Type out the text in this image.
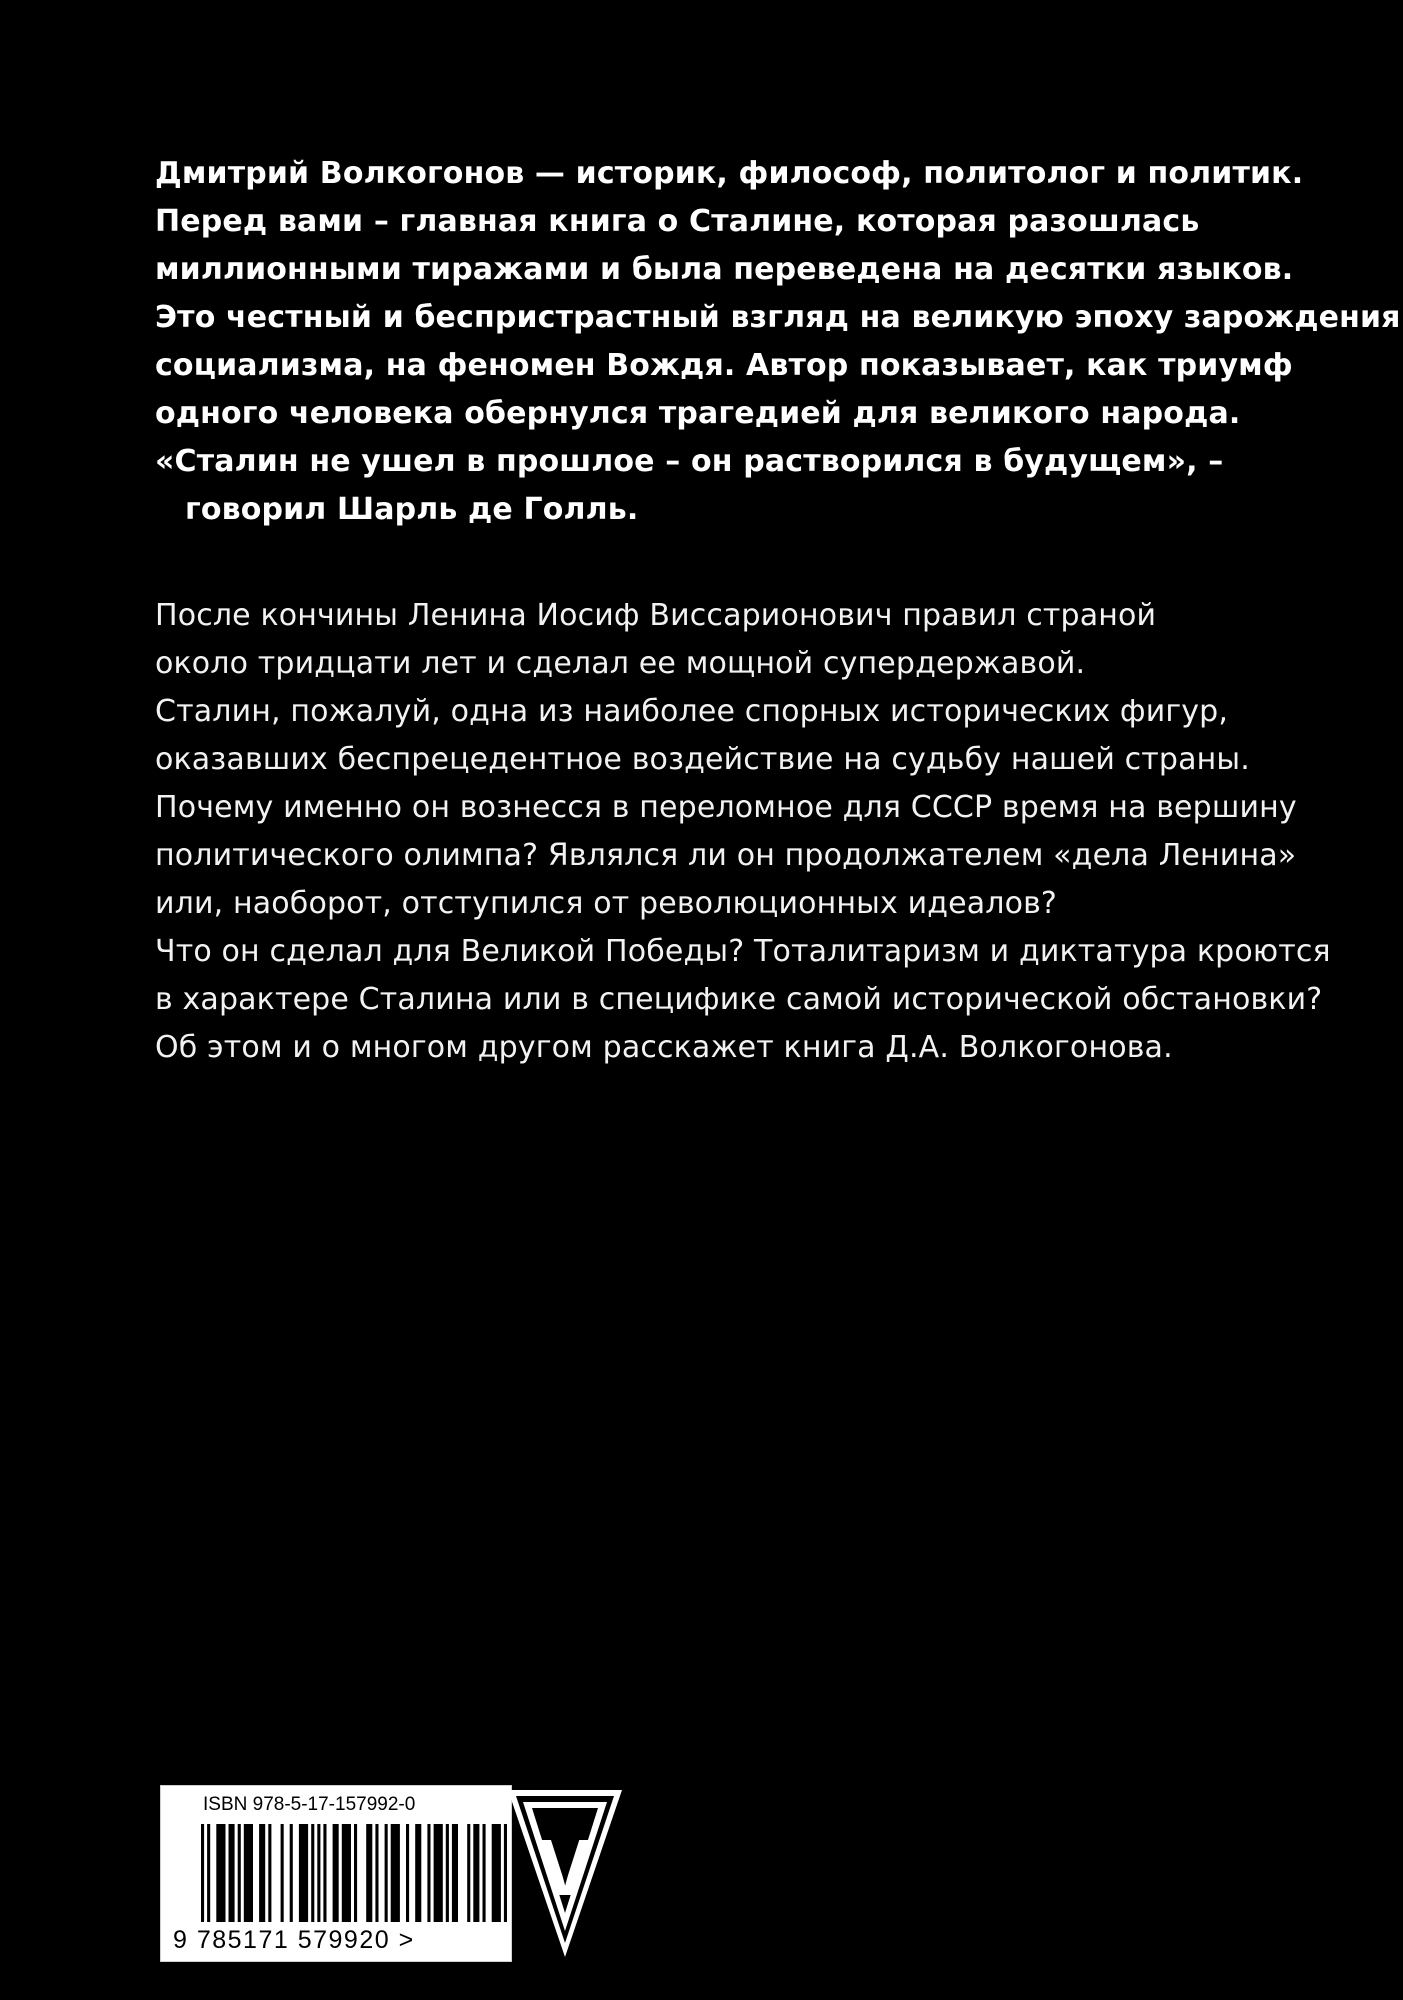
Дмитрий Волкогонов — историк, философ, политолог и политик.
Перед вами – главная книга о Сталине, которая разошлась
миллионными тиражами и была переведена на десятки языков.
Это честный и беспристрастный взгляд на великую эпоху зарождения
социализма, на феномен Вождя. Автор показывает, как триумф
одного человека обернулся трагедией для великого народа.
«Сталин не ушел в прошлое – он растворился в будущем», –
говорил Шарль де Голль.
После кончины Ленина Иосиф Виссарионович правил страной
около тридцати лет и сделал ее мощной супердержавой.
Сталин, пожалуй, одна из наиболее спорных исторических фигур,
оказавших беспрецедентное воздействие на судьбу нашей страны.
Почему именно он вознесся в переломное для СССР время на вершину
политического олимпа? Являлся ли он продолжателем «дела Ленина»
или, наоборот, отступился от революционных идеалов?
Что он сделал для Великой Победы? Тоталитаризм и диктатура кроются
в характере Сталина или в специфике самой исторической обстановки?
Об этом и о многом другом расскажет книга Д.А. Волкогонова.

ISBN 978-5-17-157992-0

9 785171 579920 >

V
